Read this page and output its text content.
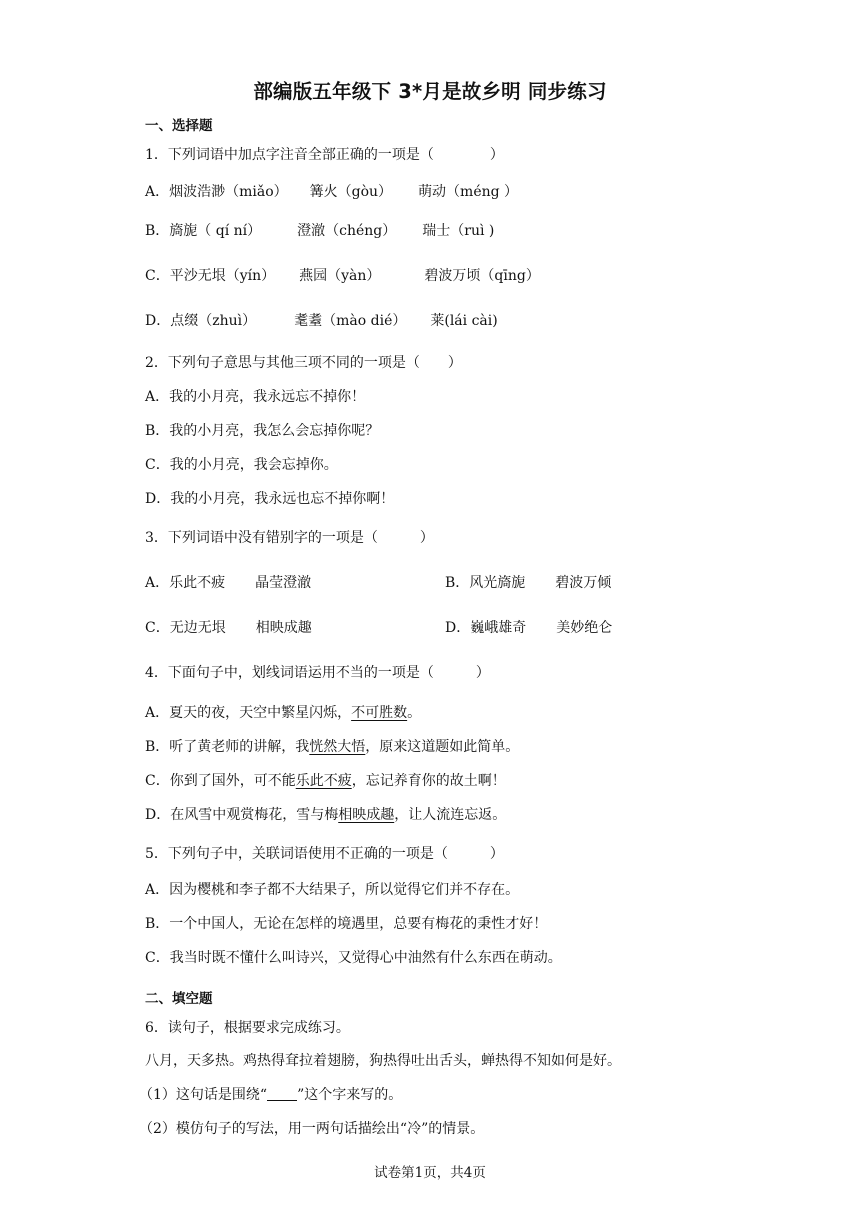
部编版五年级下 3*月是故乡明 同步练习
一、选择题
1．下列词语中加点字注音全部正确的一项是（　　　　）
A．烟波浩渺（miǎo） 篝火（gòu） 萌动（méng ）
B．旖旎（ qí ní）	澄澈（chéng） 瑞士（ruì )
C．平沙无垠（yín） 燕园（yàn）	碧波万顷（qīng）
D．点缀（zhuì）	耄耋（mào dié） 莱(lái cài)
2．下列句子意思与其他三项不同的一项是（　　）
A．我的小月亮，我永远忘不掉你！
B．我的小月亮，我怎么会忘掉你呢？
C．我的小月亮，我会忘掉你。
D．我的小月亮，我永远也忘不掉你啊！
3．下列词语中没有错别字的一项是（　　　）
A．乐此不疲 晶莹澄澈	B．风光旖旎 碧波万倾
C．无边无垠 相映成趣	D．巍峨雄奇 美妙绝仑
4．下面句子中，划线词语运用不当的一项是（　　　）
A．夏天的夜，天空中繁星闪烁，不可胜数。
B．听了黄老师的讲解，我恍然大悟，原来这道题如此简单。
C．你到了国外，可不能乐此不疲，忘记养育你的故土啊！
D．在风雪中观赏梅花，雪与梅相映成趣，让人流连忘返。
5．下列句子中，关联词语使用不正确的一项是（　　　）
A．因为樱桃和李子都不大结果子，所以觉得它们并不存在。
B．一个中国人，无论在怎样的境遇里，总要有梅花的秉性才好！
C．我当时既不懂什么叫诗兴，又觉得心中油然有什么东西在萌动。
二、填空题
6．读句子，根据要求完成练习。
八月，天多热。鸡热得耷拉着翅膀，狗热得吐出舌头，蝉热得不知如何是好。
（1）这句话是围绕“ ”这个字来写的。
（2）模仿句子的写法，用一两句话描绘出“冷”的情景。
试卷第1页，共4页
